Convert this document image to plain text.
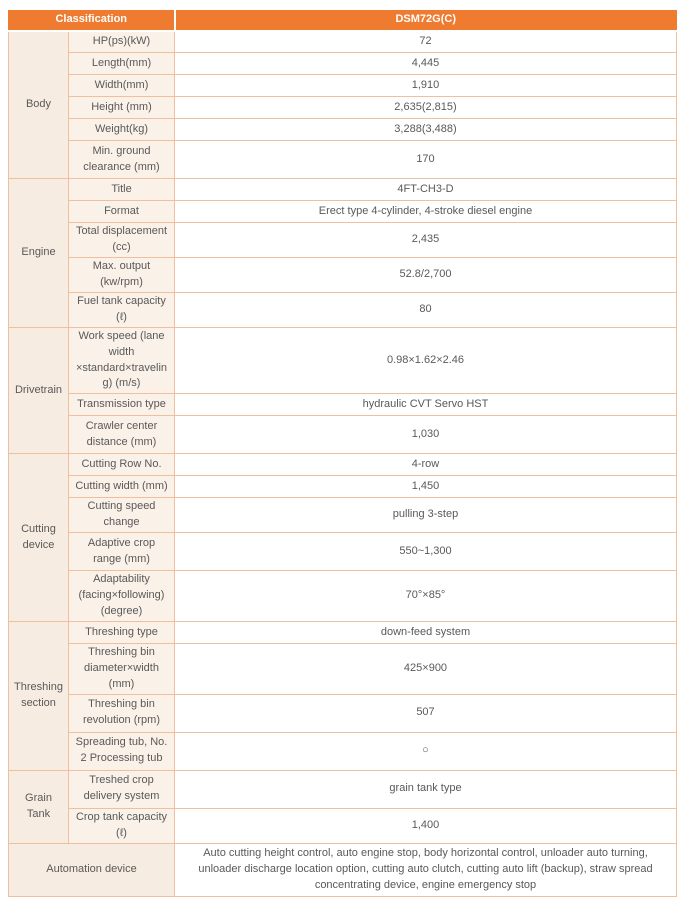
Classification		DSM72G(C)
Body	HP(ps)(kW)	72
	Length(mm)	4,445
	Width(mm)	1,910
	Height (mm)	2,635(2,815)
	Weight(kg)	3,288(3,488)
	Min. ground clearance (mm)	170
Engine	Title	4FT-CH3-D
	Format	Erect type 4-cylinder, 4-stroke diesel engine
	Total displacement (cc)	2,435
	Max. output (kw/rpm)	52.8/2,700
	Fuel tank capacity (ℓ)	80
Drivetrain	Work speed (lane width ×standard×traveling) (m/s)	0.98×1.62×2.46
	Transmission type	hydraulic CVT Servo HST
	Crawler center distance (mm)	1,030
Cutting device	Cutting Row No.	4-row
	Cutting width (mm)	1,450
	Cutting speed change	pulling 3-step
	Adaptive crop range (mm)	550~1,300
	Adaptability (facing×following)(degree)	70°×85°
Threshing section	Threshing type	down-feed system
	Threshing bin diameter×width (mm)	425×900
	Threshing bin revolution (rpm)	507
	Spreading tub, No. 2 Processing tub	○
Grain Tank	Treshed crop delivery system	grain tank type
	Crop tank capacity (ℓ)	1,400
Automation device		Auto cutting height control, auto engine stop, body horizontal control, unloader auto turning, unloader discharge location option, cutting auto clutch, cutting auto lift (backup), straw spread concentrating device, engine emergency stop
